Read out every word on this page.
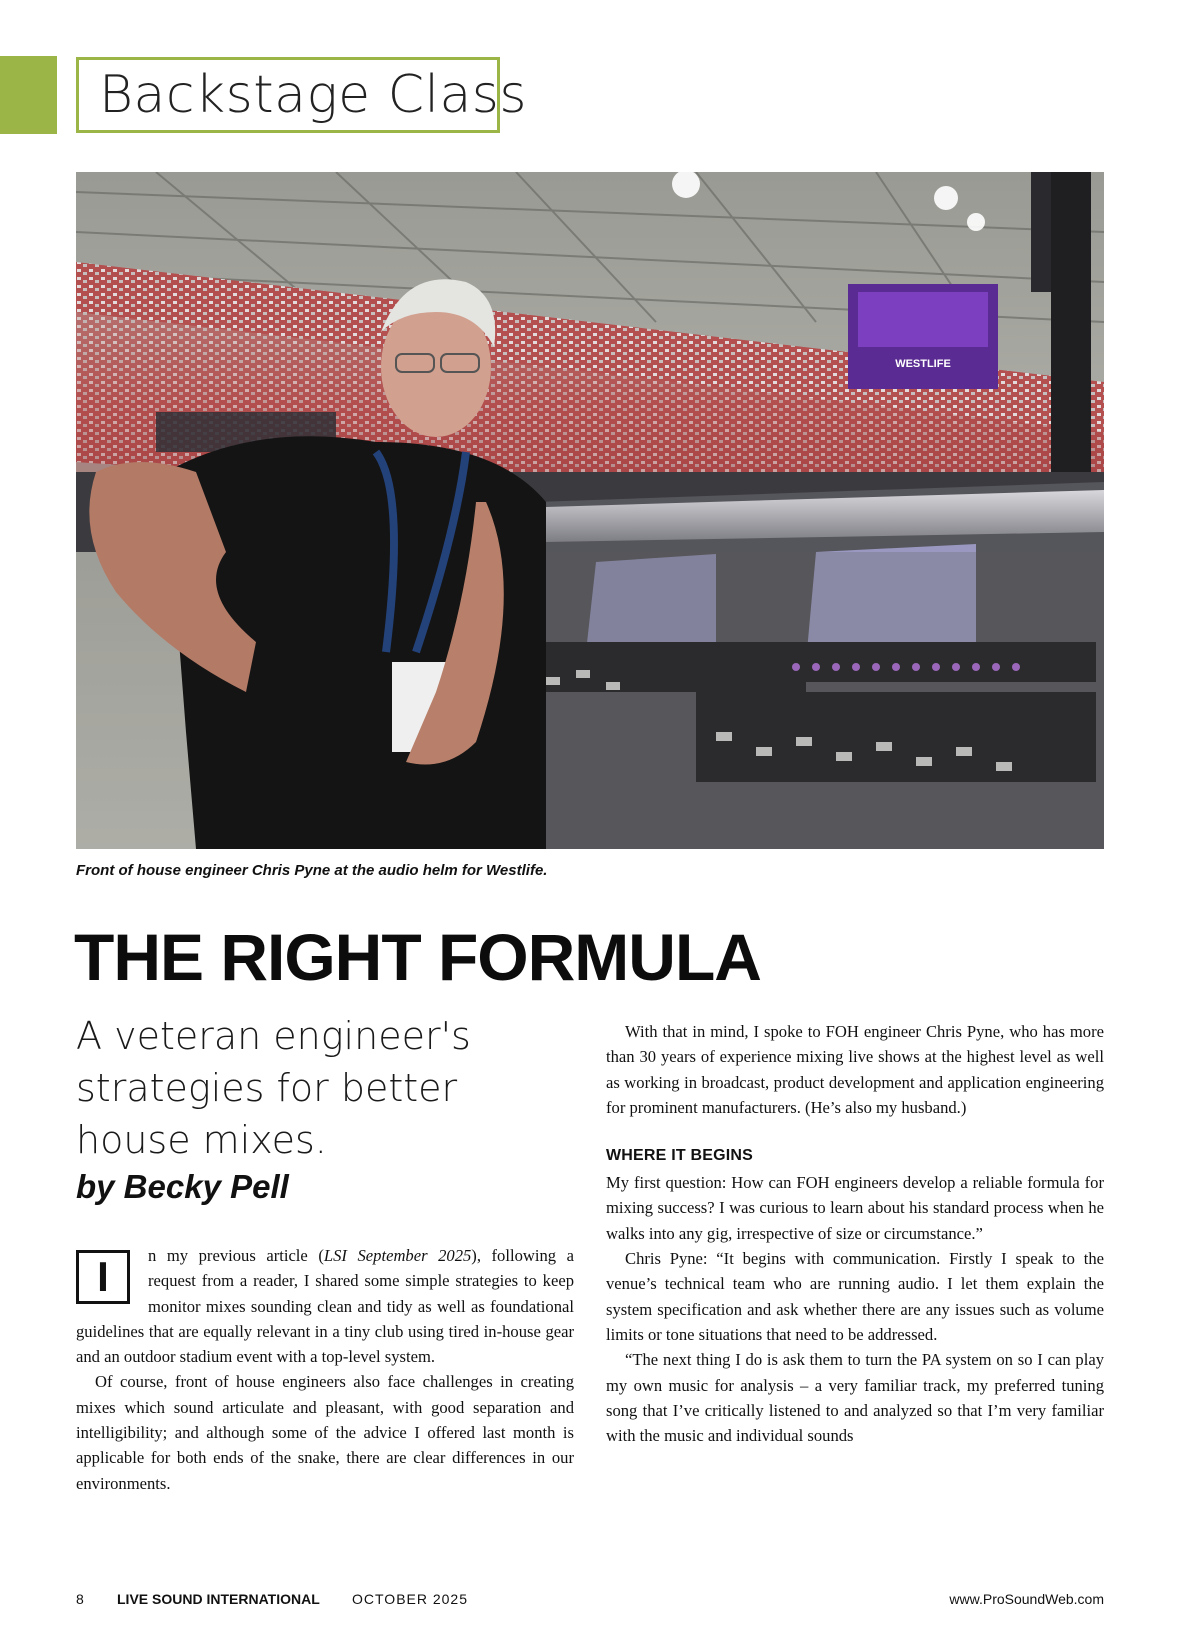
Backstage Class
WESTLIFE
Front of house engineer Chris Pyne at the audio helm for Westlife.
THE RIGHT FORMULA

A veteran engineer's strategies for better house mixes.

by Becky Pell

I	n my previous article (LSI September 2025), following a request from a reader, I shared some simple strategies to keep monitor mixes sounding clean and tidy as well as foundational guidelines that are equally relevant in a tiny club using tired in-house gear and an outdoor stadium event with a top-level system.

Of course, front of house engineers also face challenges in creating mixes which sound articulate and pleasant, with good separation and intelligibility; and although some of the advice I offered last month is applicable for both ends of the snake, there are clear differences in our environments.

With that in mind, I spoke to FOH engineer Chris Pyne, who has more than 30 years of experience mixing live shows at the highest level as well as working in broadcast, product development and application engineering for prominent manufacturers. (He’s also my husband.)

WHERE IT BEGINS

My first question: How can FOH engineers develop a reliable formula for mixing success? I was curious to learn about his standard process when he walks into any gig, irrespective of size or circumstance.”

Chris Pyne: “It begins with communication. Firstly I speak to the venue’s technical team who are running audio. I let them explain the system specification and ask whether there are any issues such as volume limits or tone situations that need to be addressed.

“The next thing I do is ask them to turn the PA system on so I can play my own music for analysis – a very familiar track, my preferred tuning song that I’ve critically listened to and analyzed so that I’m very familiar with the music and individual sounds

8 LIVE SOUND INTERNATIONAL OCTOBER 2025	www.ProSoundWeb.com
